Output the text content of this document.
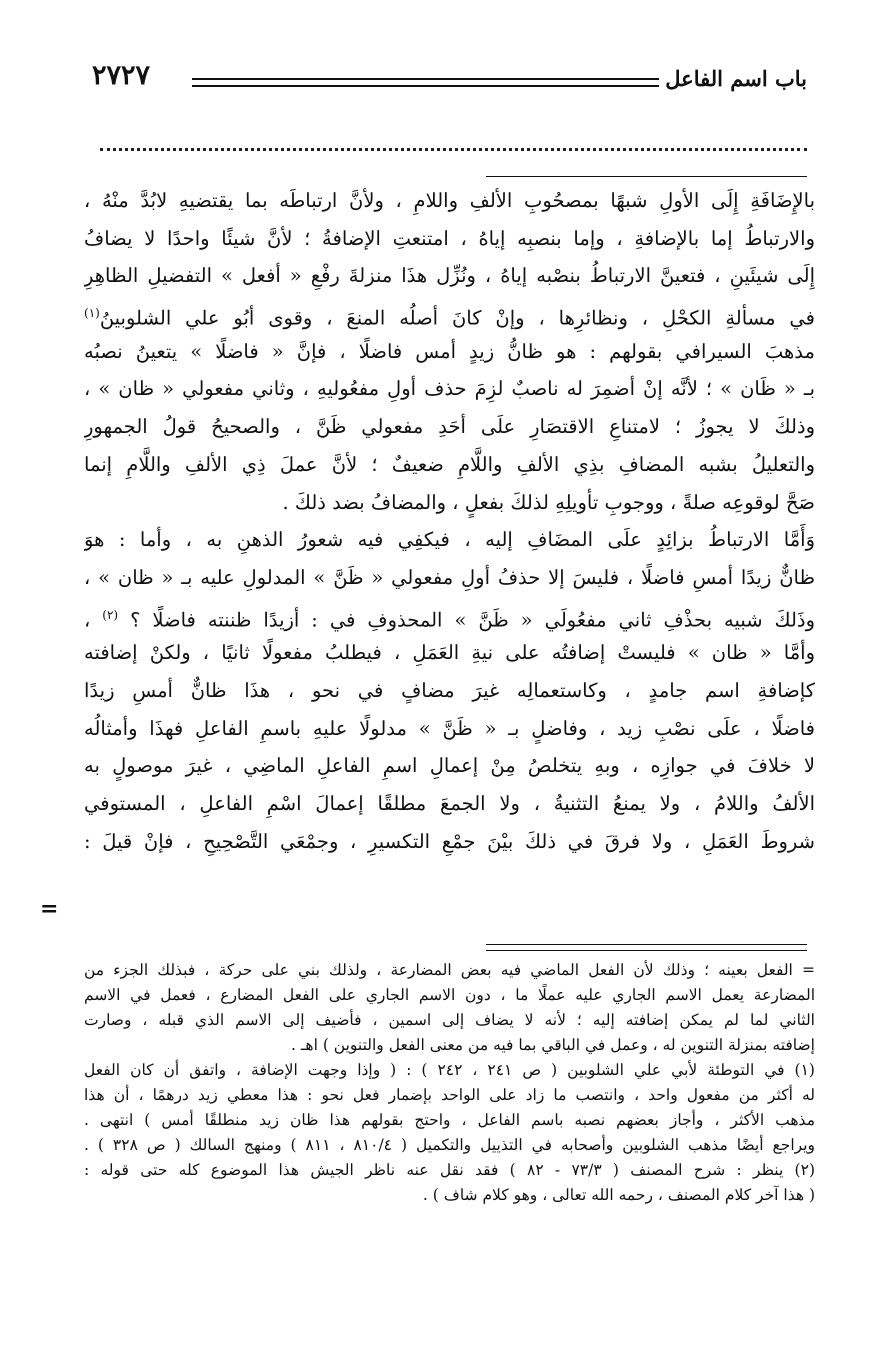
باب اسم الفاعل
٢٧٢٧
بالإِضَافَةِ إِلَى الأولِ شبهًا بمصحُوبِ الألفِ واللامِ ، ولأنَّ ارتباطَه بما يقتضيهِ لابُدَّ منْهُ ،
والارتباطُ إما بالإضافةِ ، وإما بنصبِه إياهُ ، امتنعتِ الإضافةُ ؛ لأنَّ شيئًا واحدًا لا يضافُ
إِلَى شيئَينِ ، فتعينَّ الارتباطُ بنصْبه إياهُ ، ونُزِّل هذَا منزلةَ رفْعِ « أفعل » التفضيلِ الظاهِرِ
في مسألةِ الكحْلِ ، ونظائرِها ، وإنْ كانَ أصلُه المنعَ ، وقوى أبُو علي الشلوبينُ$^{(١)}$
مذهبَ السيرافي بقولهم : هو ظانُّ زيدٍ أمس فاضلًا ، فإنَّ « فاضلًا » يتعينُ نصبُه
بـ « ظَان » ؛ لأنَّه إنْ أضمِرَ له ناصبٌ لزِمَ حذف أولِ مفعُوليهِ ، وثاني مفعولي « ظان » ،
وذلكَ لا يجوزُ ؛ لامتناعِ الاقتصَارِ علَى أحَدِ مفعولي ظَنَّ ، والصحيحُ قولُ الجمهورِ
والتعليلُ بشبه المضافِ بذِي الألفِ واللَّامِ ضعيفٌ ؛ لأنَّ عملَ ذِي الألفِ واللَّامِ إنما
صَحَّ لوقوعِه صلةً ، ووجوبِ تأويلِهِ لذلكَ بفعلٍ ، والمضافُ بضد ذلكَ .
وَأَمَّا الارتباطُ بزائِدٍ علَى المضَافِ إليه ، فيكفِي فيه شعورُ الذهنِ به ، وأما : هوَ
ظانٌّ زيدًا أمسِ فاضلًا ، فليسَ إلا حذفُ أولِ مفعولي « ظَنَّ » المدلولِ عليه بـ « ظان » ،
وذَلكَ شبيه بحذْفِ ثاني مفعُولَي « ظَنَّ » المحذوفِ في : أزيدًا ظننته فاضلًا ؟ $^{(٢)}$ ،
وأمَّا « ظان » فليستْ إضافتُه على نيةِ العَمَلِ ، فيطلبُ مفعولًا ثانيًا ، ولكنْ إضافته
كإضافةِ اسم جامدٍ ، وكاستعمالِه غيرَ مضافٍ في نحو ، هذَا ظانٌّ أمسِ زيدًا
فاضلًا ، علَى نصْبِ زيد ، وفاضلٍ بـ « ظَنَّ » مدلولًا عليهِ باسمِ الفاعلِ فهذَا وأمثالُه
لا خلافَ في جوازِه ، وبهِ يتخلصُ مِنْ إعمالِ اسمِ الفاعلِ الماضِي ، غيرَ موصولٍ به
الألفُ واللامُ ، ولا يمنعُ التثنيةُ ، ولا الجمعَ مطلقًا إعمالَ اسْمِ الفاعلِ ، المستوفي
شروطَ العَمَلِ ، ولا فرقَ في ذلكَ بيْنَ جمْعِ التكسيرِ ، وجمْعَي التَّصْحِيحِ ، فإنْ قيلَ :
=
= الفعل بعينه ؛ وذلك لأن الفعل الماضي فيه بعض المضارعة ، ولذلك بني على حركة ، فبذلك الجزء من
المضارعة يعمل الاسم الجاري عليه عملًا ما ، دون الاسم الجاري على الفعل المضارع ، فعمل في الاسم
الثاني لما لم يمكن إضافته إليه ؛ لأنه لا يضاف إلى اسمين ، فأضيف إلى الاسم الذي قبله ، وصارت
إضافته بمنزلة التنوين له ، وعمل في الباقي بما فيه من معنى الفعل والتنوين ) اهـ .
(١) في التوطئة لأبي علي الشلوبين ( ص ٢٤١ ، ٢٤٢ ) : ( وإذا وجهت الإضافة ، واتفق أن كان الفعل
له أكثر من مفعول واحد ، وانتصب ما زاد على الواحد بإضمار فعل نحو : هذا معطي زيد درهمًا ، أن هذا
مذهب الأكثر ، وأجاز بعضهم نصبه باسم الفاعل ، واحتج بقولهم هذا ظان زيد منطلقًا أمس ) انتهى .
ويراجع أيضًا مذهب الشلوبين وأصحابه في التذييل والتكميل ( ٨١٠/٤ ، ٨١١ ) ومنهج السالك ( ص ٣٢٨ ) .
(٢) ينظر : شرح المصنف ( ٧٣/٣ - ٨٢ ) فقد نقل عنه ناظر الجيش هذا الموضوع كله حتى قوله :
( هذا آخر كلام المصنف ، رحمه الله تعالى ، وهو كلام شاف ) .
